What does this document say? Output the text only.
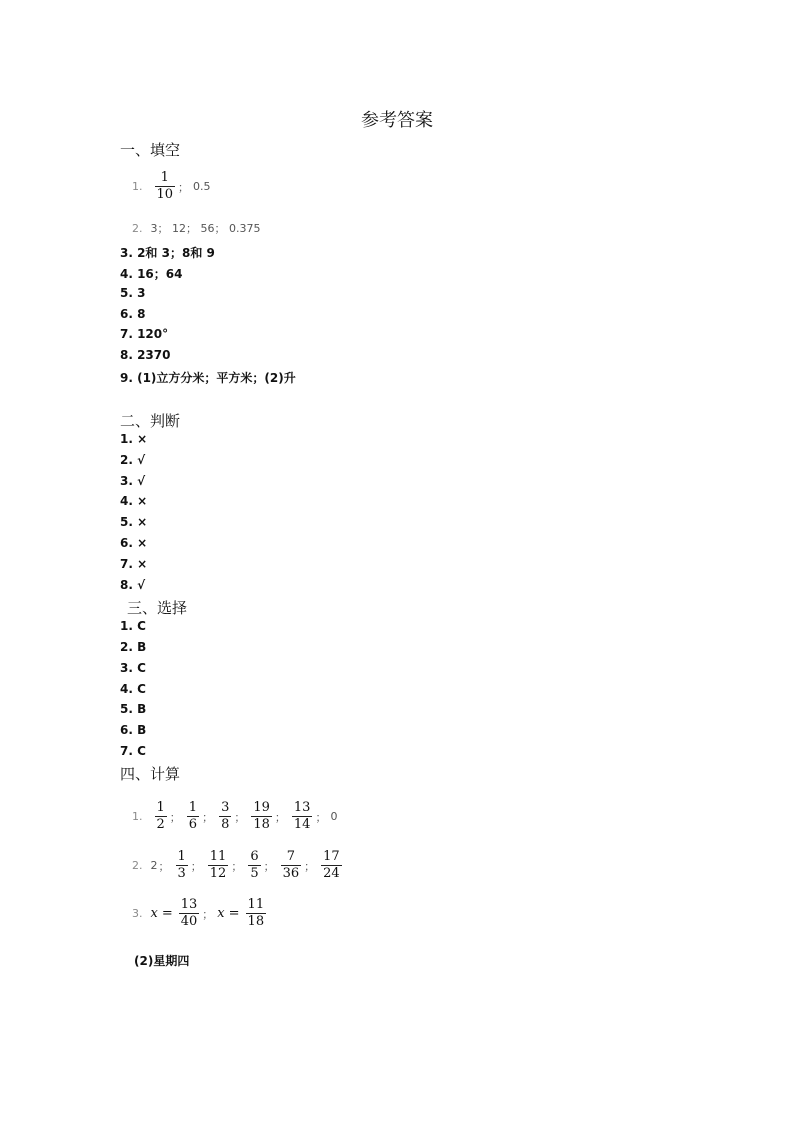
参考答案
一、填空
1. $\frac{1}{10}$ ； 0.5
2. 3； 12； 56； 0.375
3. 2和 3；8和 9
4. 16；64
5. 3
6. 8
7. 120°
8. 2370
9. (1)立方分米；平方米；(2)升
二、判断
1. ×
2. √
3. √
4. ×
5. ×
6. ×
7. ×
8. √
三、选择
1. C
2. B
3. C
4. C
5. B
6. B
7. C
四、计算
1. $\frac{1}{2}$ ； $\frac{1}{6}$ ； $\frac{3}{8}$ ； $\frac{19}{18}$ ； $\frac{13}{14}$ ； 0
2. 2 ； $\frac{1}{3}$ ； $\frac{11}{12}$ ； $\frac{6}{5}$ ； $\frac{7}{36}$ ； $\frac{17}{24}$
3. $x = \frac{13}{40}$ ； $x = \frac{11}{18}$
(2)星期四
